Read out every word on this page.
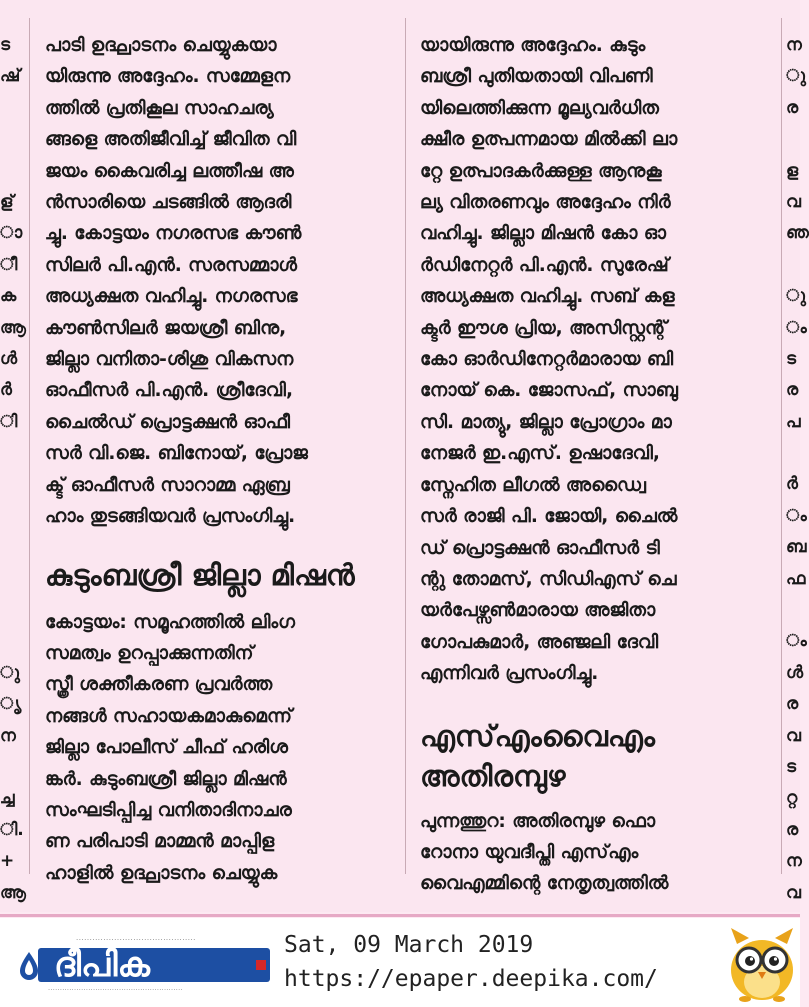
ട

ഷ്

ള്

ാ

ീ

ക

ആ

ൾ

ർ

ി

ു

ൃ

ന

ച്ച

ി.

+

ആ

പാടി ഉദ്ഘാടനം ചെയ്യുകയാ

യിരുന്നു അദ്ദേഹം. സമ്മേളന

ത്തിൽ പ്രതികൂല സാഹചര്യ

ങ്ങളെ അതിജീവിച്ച് ജീവിത വി

ജയം കൈവരിച്ച ലത്തീഷ അ

ൻസാരിയെ ചടങ്ങിൽ ആദരി

ച്ചു. കോട്ടയം നഗരസഭ കൗൺ

സിലർ പി.എൻ. സരസമ്മാൾ

അധ്യക്ഷത വഹിച്ചു. നഗരസഭ

കൗൺസിലർ ജയശ്രീ ബിനു,

ജില്ലാ വനിതാ-ശിശു വികസന

ഓഫീസർ പി.എൻ. ശ്രീദേവി,

ചൈൽഡ് പ്രൊട്ടക്ഷൻ ഓഫീ

സർ വി.ജെ. ബിനോയ്, പ്രോജ

ക്ട് ഓഫീസർ സാറാമ്മ ഏബ്ര

ഹാം തുടങ്ങിയവർ പ്രസംഗിച്ചു.

കുടുംബശ്രീ ജില്ലാ മിഷൻ

കോട്ടയം: സമൂഹത്തിൽ ലിംഗ

സമത്വം ഉറപ്പാക്കുന്നതിന്

സ്ത്രീ ശക്തീകരണ പ്രവർത്ത

നങ്ങൾ സഹായകമാകുമെന്ന്

ജില്ലാ പോലീസ് ചീഫ് ഹരിശ

ങ്കർ. കുടുംബശ്രീ ജില്ലാ മിഷൻ

സംഘടിപ്പിച്ച വനിതാദിനാചര

ണ പരിപാടി മാമ്മൻ മാപ്പിള

ഹാളിൽ ഉദ്ഘാടനം ചെയ്യുക

യായിരുന്നു അദ്ദേഹം. കുടും

ബശ്രീ പുതിയതായി വിപണി

യിലെത്തിക്കുന്ന മൂല്യവർധിത

ക്ഷീര ഉത്പന്നമായ മിൽക്കി ലാ

റ്റേ ഉത്പാദകർക്കുള്ള ആനുകൂ

ല്യ വിതരണവും അദ്ദേഹം നിർ

വഹിച്ചു. ജില്ലാ മിഷൻ കോ ഓ

ർഡിനേറ്റർ പി.എൻ. സുരേഷ്

അധ്യക്ഷത വഹിച്ചു. സബ് കള

ക്ടർ ഈശ പ്രിയ, അസിസ്റ്റന്റ്

കോ ഓർഡിനേറ്റർമാരായ ബി

നോയ് കെ. ജോസഫ്, സാബു

സി. മാത്യു, ജില്ലാ പ്രോഗ്രാം മാ

നേജർ ഇ.എസ്. ഉഷാദേവി,

സ്നേഹിത ലീഗൽ അഡ്വൈ

സർ രാജി പി. ജോയി, ചൈൽ

ഡ് പ്രൊട്ടക്ഷൻ ഓഫീസർ ടി

ന്റു തോമസ്, സിഡിഎസ് ചെ

യർപേഴ്സൺമാരായ അജിതാ

ഗോപകുമാർ, അഞ്ജലി ദേവി

എന്നിവർ പ്രസംഗിച്ചു.

എസ്എംവൈഎം

അതിരമ്പുഴ

പുന്നത്തുറ: അതിരമ്പുഴ ഫൊ

റോനാ യുവദീപ്തി എസ്എം

വൈഎമ്മിന്റെ നേതൃത്വത്തിൽ

ന

ു

ര

ള

വ

ഞ

ു

ം

ട

ര

പ

ർ

ം

ബ

ഫ

ം

ൾ

ര

വ

ട

റ്റ

ര

ന

വ

············································
ദീപിക
·························································
Sat, 09 March 2019
https://epaper.deepika.com/
